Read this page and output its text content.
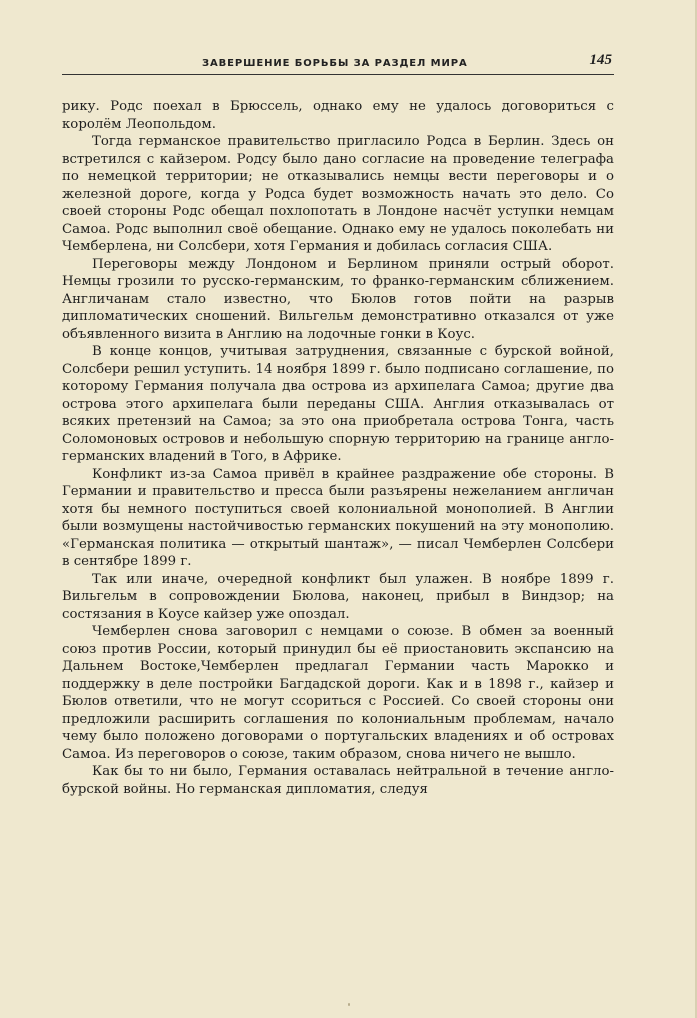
ЗАВЕРШЕНИЕ БОРЬБЫ ЗА РАЗДЕЛ МИРА	145

рику. Родс поехал в Брюссель, однако ему не удалось договориться с королём Леопольдом.

Тогда германское правительство пригласило Родса в Берлин. Здесь он встретился с кайзером. Родсу было дано согласие на проведение телеграфа по немецкой территории; не отказывались немцы вести переговоры и о железной дороге, когда у Родса будет возможность начать это дело. Со своей стороны Родс обещал похлопотать в Лондоне насчёт уступки немцам Самоа. Родс выполнил своё обещание. Однако ему не удалось поколебать ни Чемберлена, ни Солсбери, хотя Германия и добилась согласия США.

Переговоры между Лондоном и Берлином приняли острый оборот. Немцы грозили то русско-германским, то франко-германским сближением. Англичанам стало известно, что Бюлов готов пойти на разрыв дипломатических сношений. Вильгельм демонстративно отказался от уже объявленного визита в Англию на лодочные гонки в Коус.

В конце концов, учитывая затруднения, связанные с бурской войной, Солсбери решил уступить. 14 ноября 1899 г. было подписано соглашение, по которому Германия получала два острова из архипелага Самоа; другие два острова этого архипелага были переданы США. Англия отказывалась от всяких претензий на Самоа; за это она приобретала острова Тонга, часть Соломоновых островов и небольшую спорную территорию на границе англо-германских владений в Того, в Африке.

Конфликт из-за Самоа привёл в крайнее раздражение обе стороны. В Германии и правительство и пресса были разъярены нежеланием англичан хотя бы немного поступиться своей колониальной монополией. В Англии были возмущены настойчивостью германских покушений на эту монополию. «Германская политика — открытый шантаж», — писал Чемберлен Солсбери в сентябре 1899 г.

Так или иначе, очередной конфликт был улажен. В ноябре 1899 г. Вильгельм в сопровождении Бюлова, наконец, прибыл в Виндзор; на состязания в Коусе кайзер уже опоздал.

Чемберлен снова заговорил с немцами о союзе. В обмен за военный союз против России, который принудил бы её приостановить экспансию на Дальнем Востоке,Чемберлен предлагал Германии часть Марокко и поддержку в деле постройки Багдадской дороги. Как и в 1898 г., кайзер и Бюлов ответили, что не могут ссориться с Россией. Со своей стороны они предложили расширить соглашения по колониальным проблемам, начало чему было положено договорами о португальских владениях и об островах Самоа. Из переговоров о союзе, таким образом, снова ничего не вышло.

Как бы то ни было, Германия оставалась нейтральной в течение англо-бурской войны. Но германская дипломатия, следуя
